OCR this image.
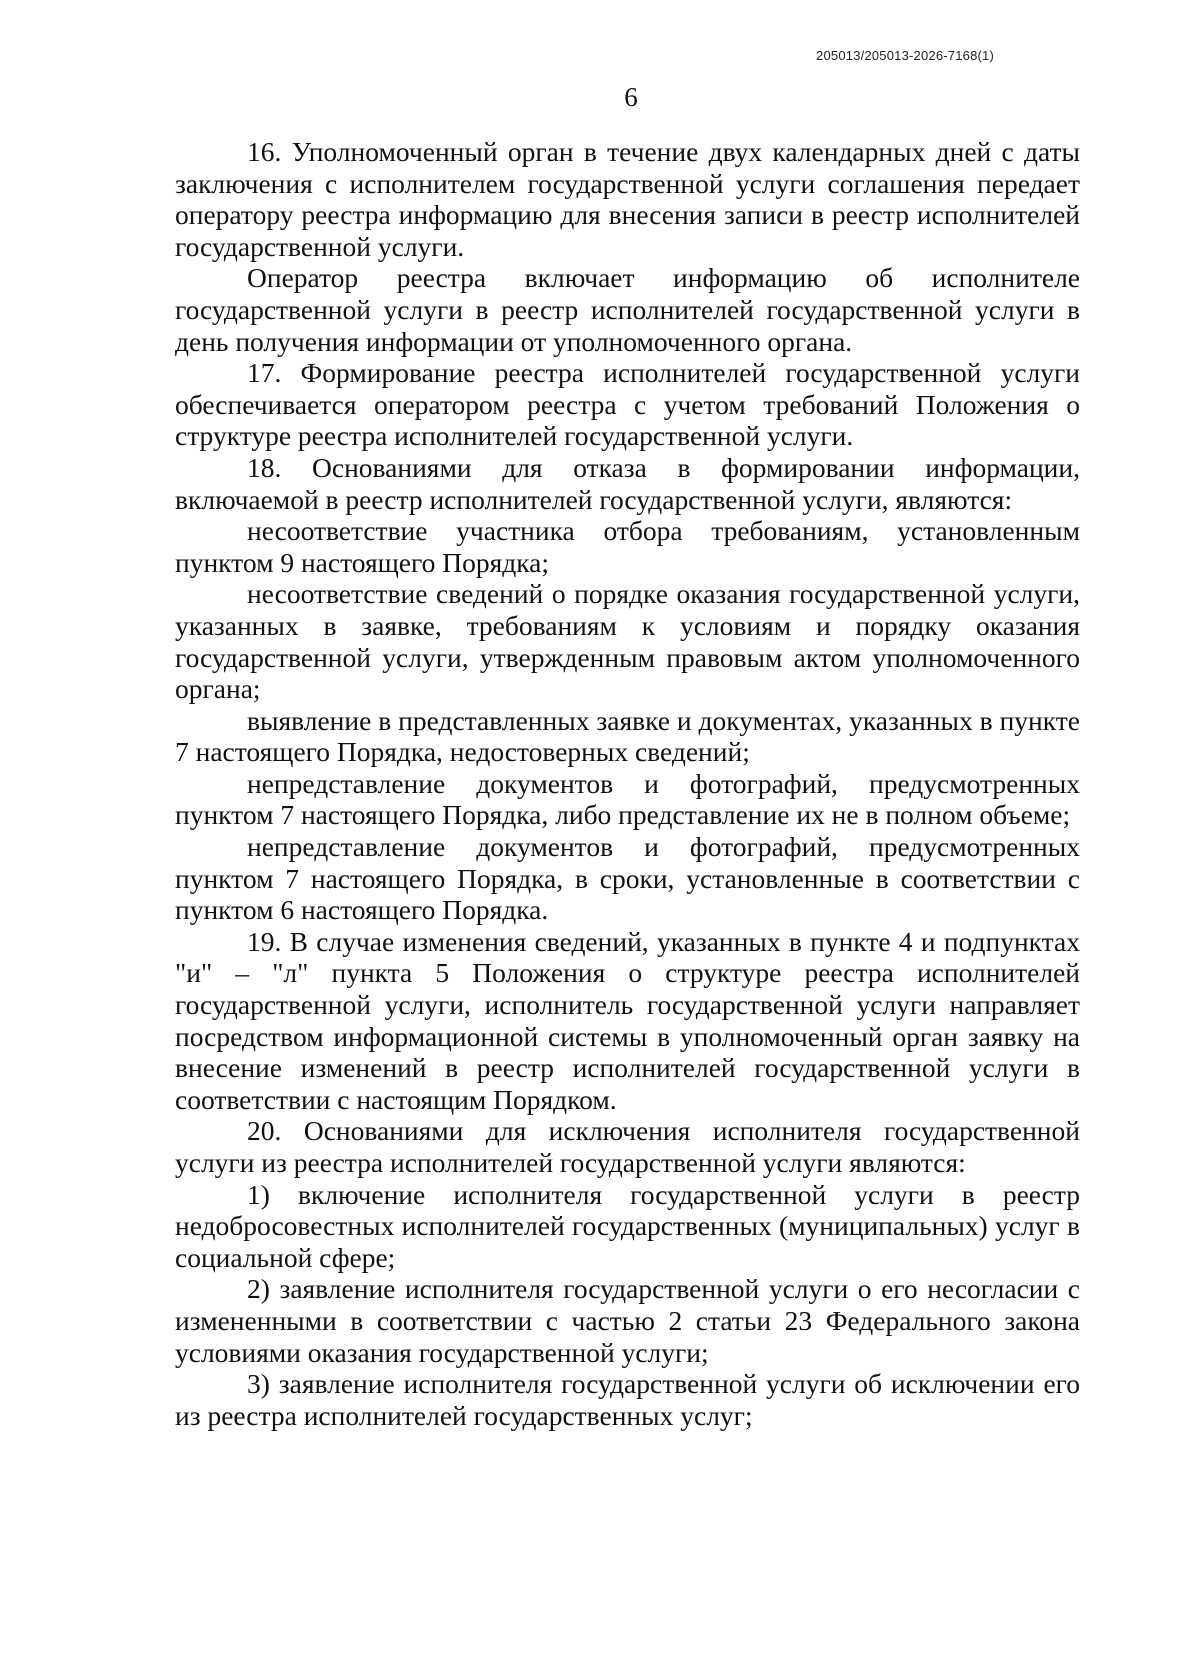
205013/205013-2026-7168(1)
6

16. Уполномоченный орган в течение двух календарных дней с даты заключения с исполнителем государственной услуги соглашения передает оператору реестра информацию для внесения записи в реестр исполнителей государственной услуги.

Оператор реестра включает информацию об исполнителе государственной услуги в реестр исполнителей государственной услуги в день получения информации от уполномоченного органа.

17. Формирование реестра исполнителей государственной услуги обеспечивается оператором реестра с учетом требований Положения о структуре реестра исполнителей государственной услуги.

18. Основаниями для отказа в формировании информации, включаемой в реестр исполнителей государственной услуги, являются:

несоответствие участника отбора требованиям, установленным пунктом 9 настоящего Порядка;

несоответствие сведений о порядке оказания государственной услуги, указанных в заявке, требованиям к условиям и порядку оказания государственной услуги, утвержденным правовым актом уполномоченного органа;

выявление в представленных заявке и документах, указанных в пункте 7 настоящего Порядка, недостоверных сведений;

непредставление документов и фотографий, предусмотренных пунктом 7 настоящего Порядка, либо представление их не в полном объеме;

непредставление документов и фотографий, предусмотренных пунктом 7 настоящего Порядка, в сроки, установленные в соответствии с пунктом 6 настоящего Порядка.

19. В случае изменения сведений, указанных в пункте 4 и подпунктах "и" – "л" пункта 5 Положения о структуре реестра исполнителей государственной услуги, исполнитель государственной услуги направляет посредством информационной системы в уполномоченный орган заявку на внесение изменений в реестр исполнителей государственной услуги в соответствии с настоящим Порядком.

20. Основаниями для исключения исполнителя государственной услуги из реестра исполнителей государственной услуги являются:

1) включение исполнителя государственной услуги в реестр недобросовестных исполнителей государственных (муниципальных) услуг в социальной сфере;

2) заявление исполнителя государственной услуги о его несогласии с измененными в соответствии с частью 2 статьи 23 Федерального закона условиями оказания государственной услуги;

3) заявление исполнителя государственной услуги об исключении его из реестра исполнителей государственных услуг;
